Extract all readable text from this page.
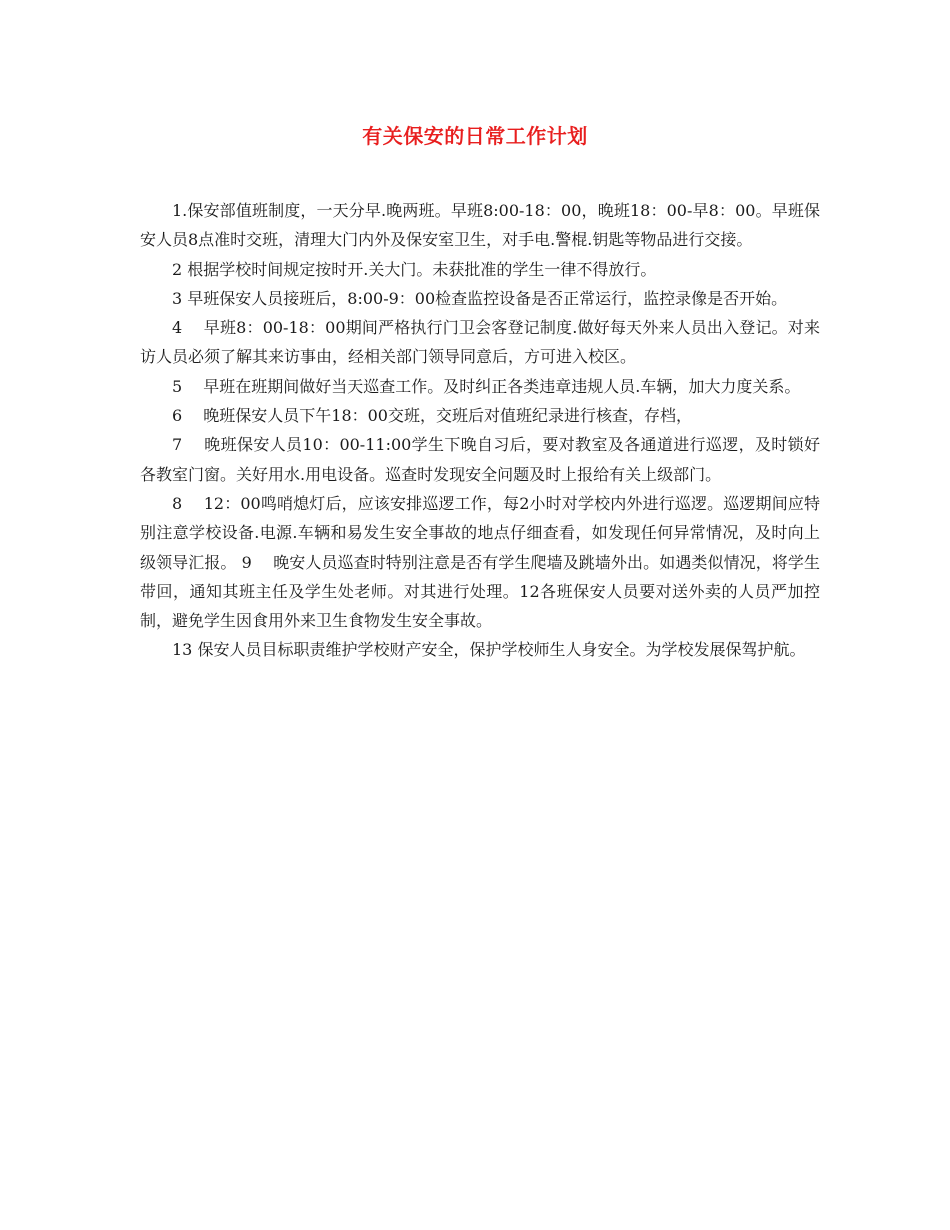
有关保安的日常工作计划

1.保安部值班制度，一天分早.晚两班。早班8:00-18：00，晚班18：00-早8：00。早班保安人员8点准时交班，清理大门内外及保安室卫生，对手电.警棍.钥匙等物品进行交接。

2 根据学校时间规定按时开.关大门。未获批准的学生一律不得放行。

3 早班保安人员接班后，8:00-9：00检查监控设备是否正常运行，监控录像是否开始。

4　 早班8：00-18：00期间严格执行门卫会客登记制度.做好每天外来人员出入登记。对来访人员必须了解其来访事由，经相关部门领导同意后，方可进入校区。

5　 早班在班期间做好当天巡查工作。及时纠正各类违章违规人员.车辆，加大力度关系。

6　 晚班保安人员下午18：00交班，交班后对值班纪录进行核查，存档，

7　 晚班保安人员10：00-11:00学生下晚自习后，要对教室及各通道进行巡逻，及时锁好各教室门窗。关好用水.用电设备。巡查时发现安全问题及时上报给有关上级部门。

8　 12：00鸣哨熄灯后，应该安排巡逻工作，每2小时对学校内外进行巡逻。巡逻期间应特别注意学校设备.电源.车辆和易发生安全事故的地点仔细查看，如发现任何异常情况，及时向上级领导汇报。 9　 晚安人员巡查时特别注意是否有学生爬墙及跳墙外出。如遇类似情况，将学生带回，通知其班主任及学生处老师。对其进行处理。12各班保安人员要对送外卖的人员严加控制，避免学生因食用外来卫生食物发生安全事故。

13 保安人员目标职责维护学校财产安全，保护学校师生人身安全。为学校发展保驾护航。
